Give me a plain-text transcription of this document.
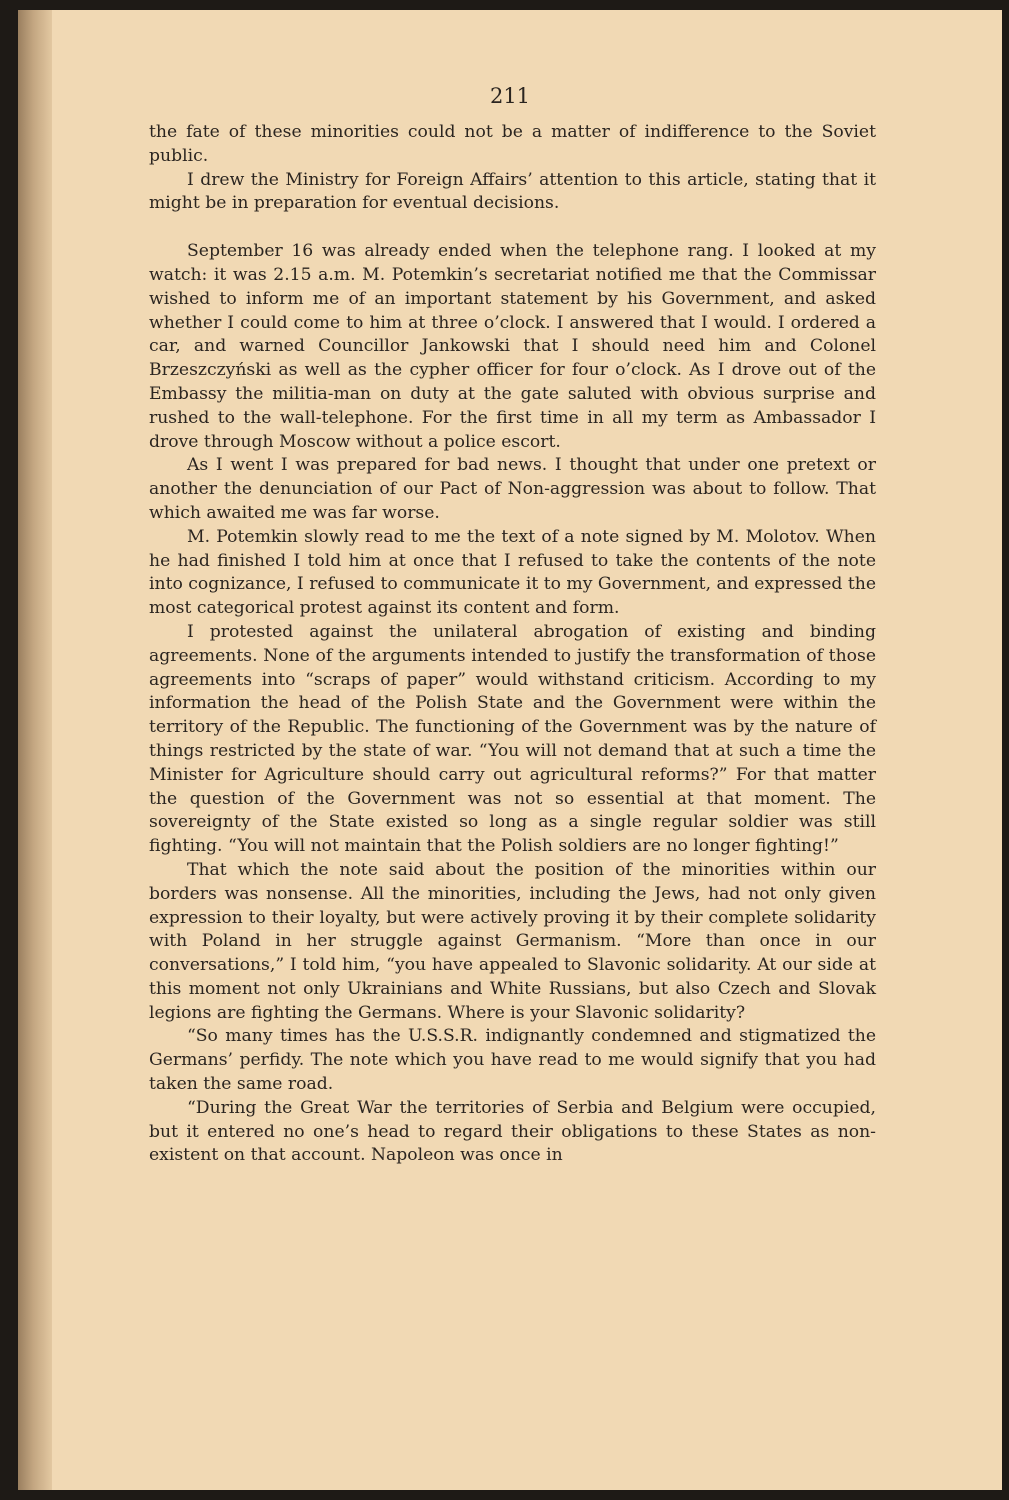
211

the fate of these minorities could not be a matter of indifference to the Soviet public.

I drew the Ministry for Foreign Affairs’ attention to this article, stating that it might be in preparation for eventual decisions.

September 16 was already ended when the telephone rang. I looked at my watch: it was 2.15 a.m. M. Potemkin’s secretariat notified me that the Commissar wished to inform me of an important statement by his Government, and asked whether I could come to him at three o’clock. I answered that I would. I ordered a car, and warned Councillor Jankowski that I should need him and Colonel Brzeszczyński as well as the cypher officer for four o’clock. As I drove out of the Embassy the militia-man on duty at the gate saluted with obvious surprise and rushed to the wall-telephone. For the first time in all my term as Ambassador I drove through Moscow without a police escort.

As I went I was prepared for bad news. I thought that under one pretext or another the denunciation of our Pact of Non-aggression was about to follow. That which awaited me was far worse.

M. Potemkin slowly read to me the text of a note signed by M. Molotov. When he had finished I told him at once that I refused to take the contents of the note into cognizance, I refused to communicate it to my Government, and expressed the most categorical protest against its content and form.

I protested against the unilateral abrogation of existing and binding agreements. None of the arguments intended to justify the transformation of those agreements into “scraps of paper” would withstand criticism. According to my information the head of the Polish State and the Government were within the territory of the Republic. The functioning of the Government was by the nature of things restricted by the state of war. “You will not demand that at such a time the Minister for Agriculture should carry out agricultural reforms?” For that matter the question of the Government was not so essential at that moment. The sovereignty of the State existed so long as a single regular soldier was still fighting. “You will not maintain that the Polish soldiers are no longer fighting!”

That which the note said about the position of the minorities within our borders was nonsense. All the minorities, including the Jews, had not only given expression to their loyalty, but were actively proving it by their complete solidarity with Poland in her struggle against Germanism. “More than once in our conversations,” I told him, “you have appealed to Slavonic solidarity. At our side at this moment not only Ukrainians and White Russians, but also Czech and Slovak legions are fighting the Germans. Where is your Slavonic solidarity?

“So many times has the U.S.S.R. indignantly condemned and stigmatized the Germans’ perfidy. The note which you have read to me would signify that you had taken the same road.

“During the Great War the territories of Serbia and Belgium were occupied, but it entered no one’s head to regard their obligations to these States as non-existent on that account. Napoleon was once in
